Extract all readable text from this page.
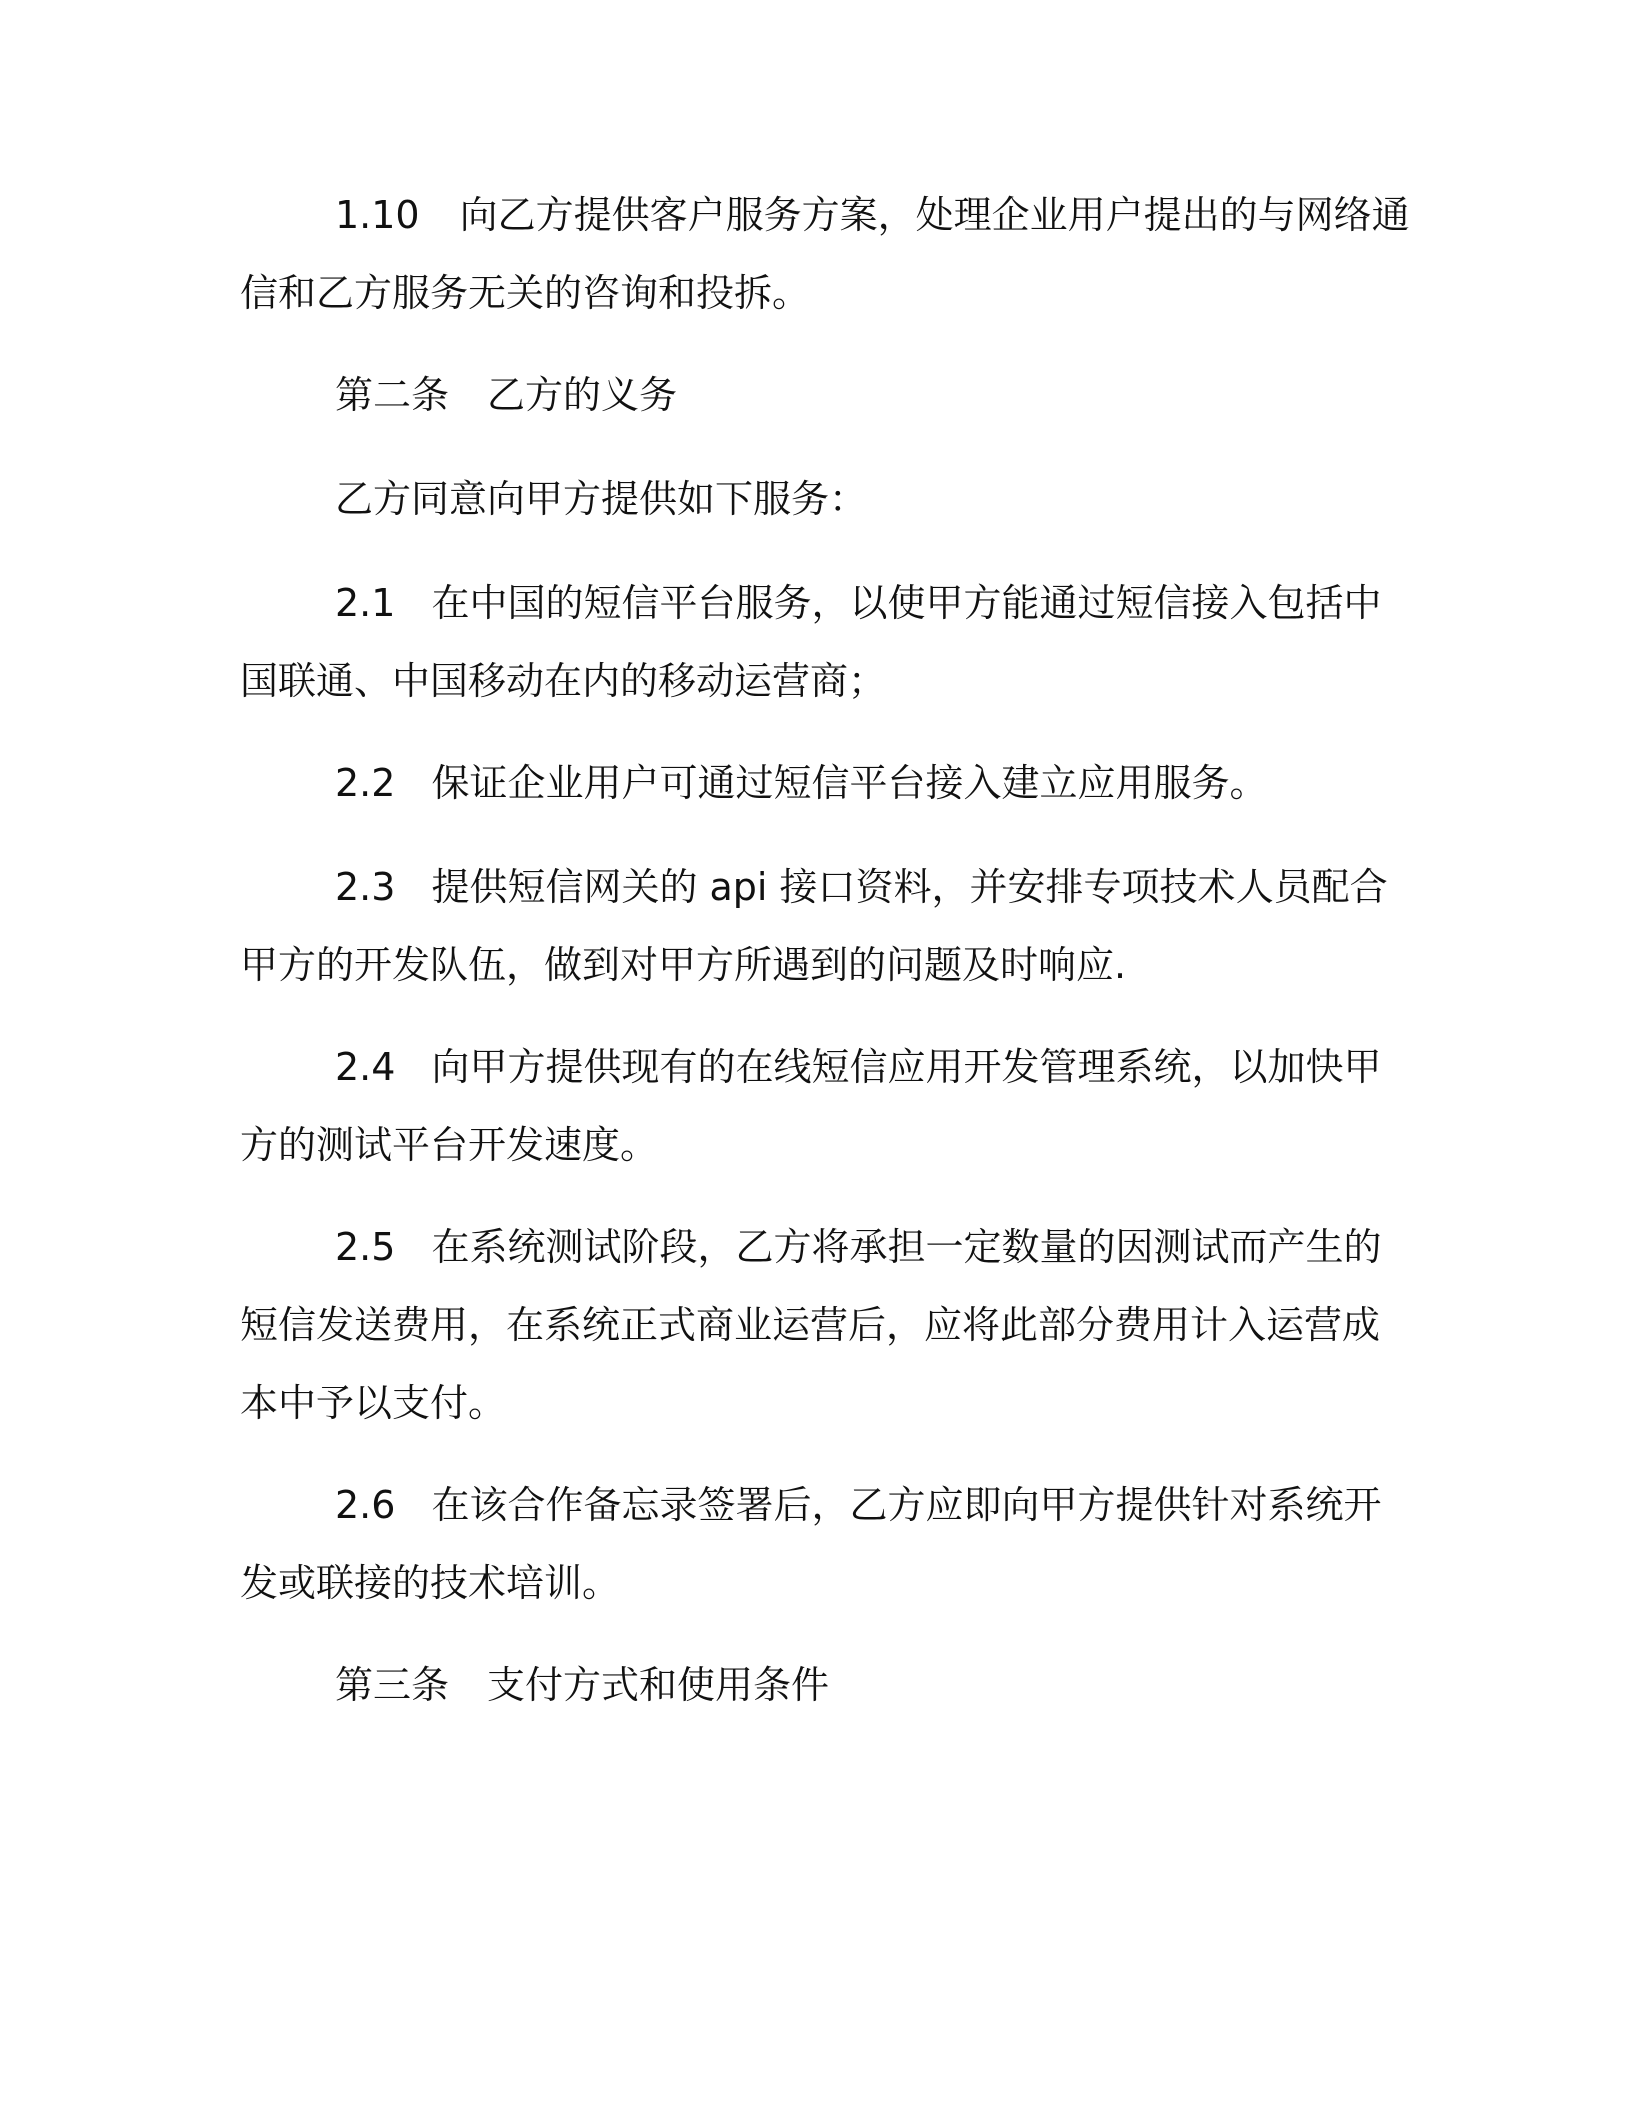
1.10 向乙方提供客户服务方案，处理企业用户提出的与网络通
信和乙方服务无关的咨询和投拆。
第二条 乙方的义务
乙方同意向甲方提供如下服务：
2.1 在中国的短信平台服务，以使甲方能通过短信接入包括中
国联通、中国移动在内的移动运营商；
2.2 保证企业用户可通过短信平台接入建立应用服务。
2.3 提供短信网关的 api 接口资料，并安排专项技术人员配合
甲方的开发队伍，做到对甲方所遇到的问题及时响应.
2.4 向甲方提供现有的在线短信应用开发管理系统，以加快甲
方的测试平台开发速度。
2.5 在系统测试阶段，乙方将承担一定数量的因测试而产生的
短信发送费用，在系统正式商业运营后，应将此部分费用计入运营成
本中予以支付。
2.6 在该合作备忘录签署后，乙方应即向甲方提供针对系统开
发或联接的技术培训。
第三条 支付方式和使用条件
